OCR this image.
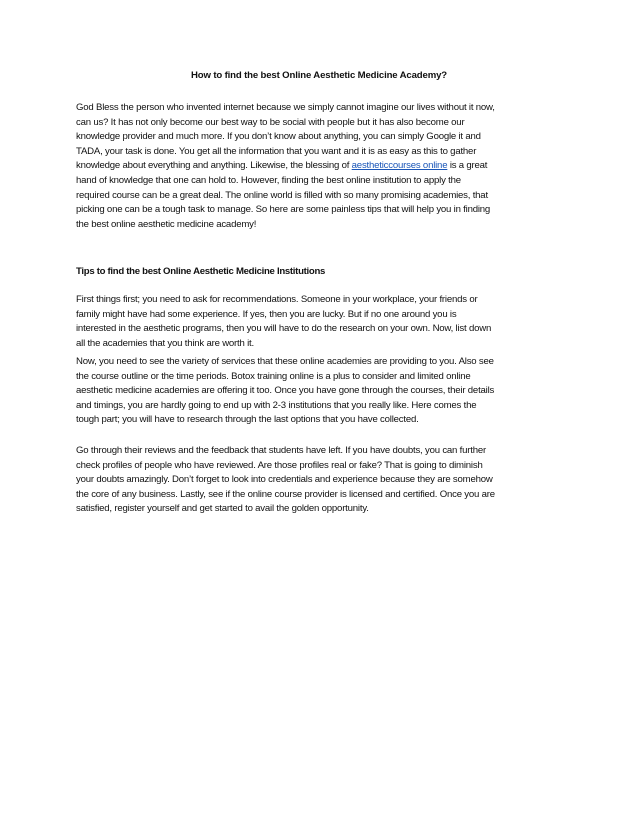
How to find the best Online Aesthetic Medicine Academy?
God Bless the person who invented internet because we simply cannot imagine our lives without it now,
can us? It has not only become our best way to be social with people but it has also become our
knowledge provider and much more. If you don’t know about anything, you can simply Google it and
TADA, your task is done. You get all the information that you want and it is as easy as this to gather
knowledge about everything and anything. Likewise, the blessing of aestheticcourses online is a great
hand of knowledge that one can hold to. However, finding the best online institution to apply the
required course can be a great deal. The online world is filled with so many promising academies, that
picking one can be a tough task to manage. So here are some painless tips that will help you in finding
the best online aesthetic medicine academy!
Tips to find the best Online Aesthetic Medicine Institutions
First things first; you need to ask for recommendations. Someone in your workplace, your friends or
family might have had some experience. If yes, then you are lucky. But if no one around you is
interested in the aesthetic programs, then you will have to do the research on your own. Now, list down
all the academies that you think are worth it.
Now, you need to see the variety of services that these online academies are providing to you. Also see
the course outline or the time periods. Botox training online is a plus to consider and limited online
aesthetic medicine academies are offering it too. Once you have gone through the courses, their details
and timings, you are hardly going to end up with 2-3 institutions that you really like. Here comes the
tough part; you will have to research through the last options that you have collected.
Go through their reviews and the feedback that students have left. If you have doubts, you can further
check profiles of people who have reviewed. Are those profiles real or fake? That is going to diminish
your doubts amazingly. Don’t forget to look into credentials and experience because they are somehow
the core of any business. Lastly, see if the online course provider is licensed and certified. Once you are
satisfied, register yourself and get started to avail the golden opportunity.
